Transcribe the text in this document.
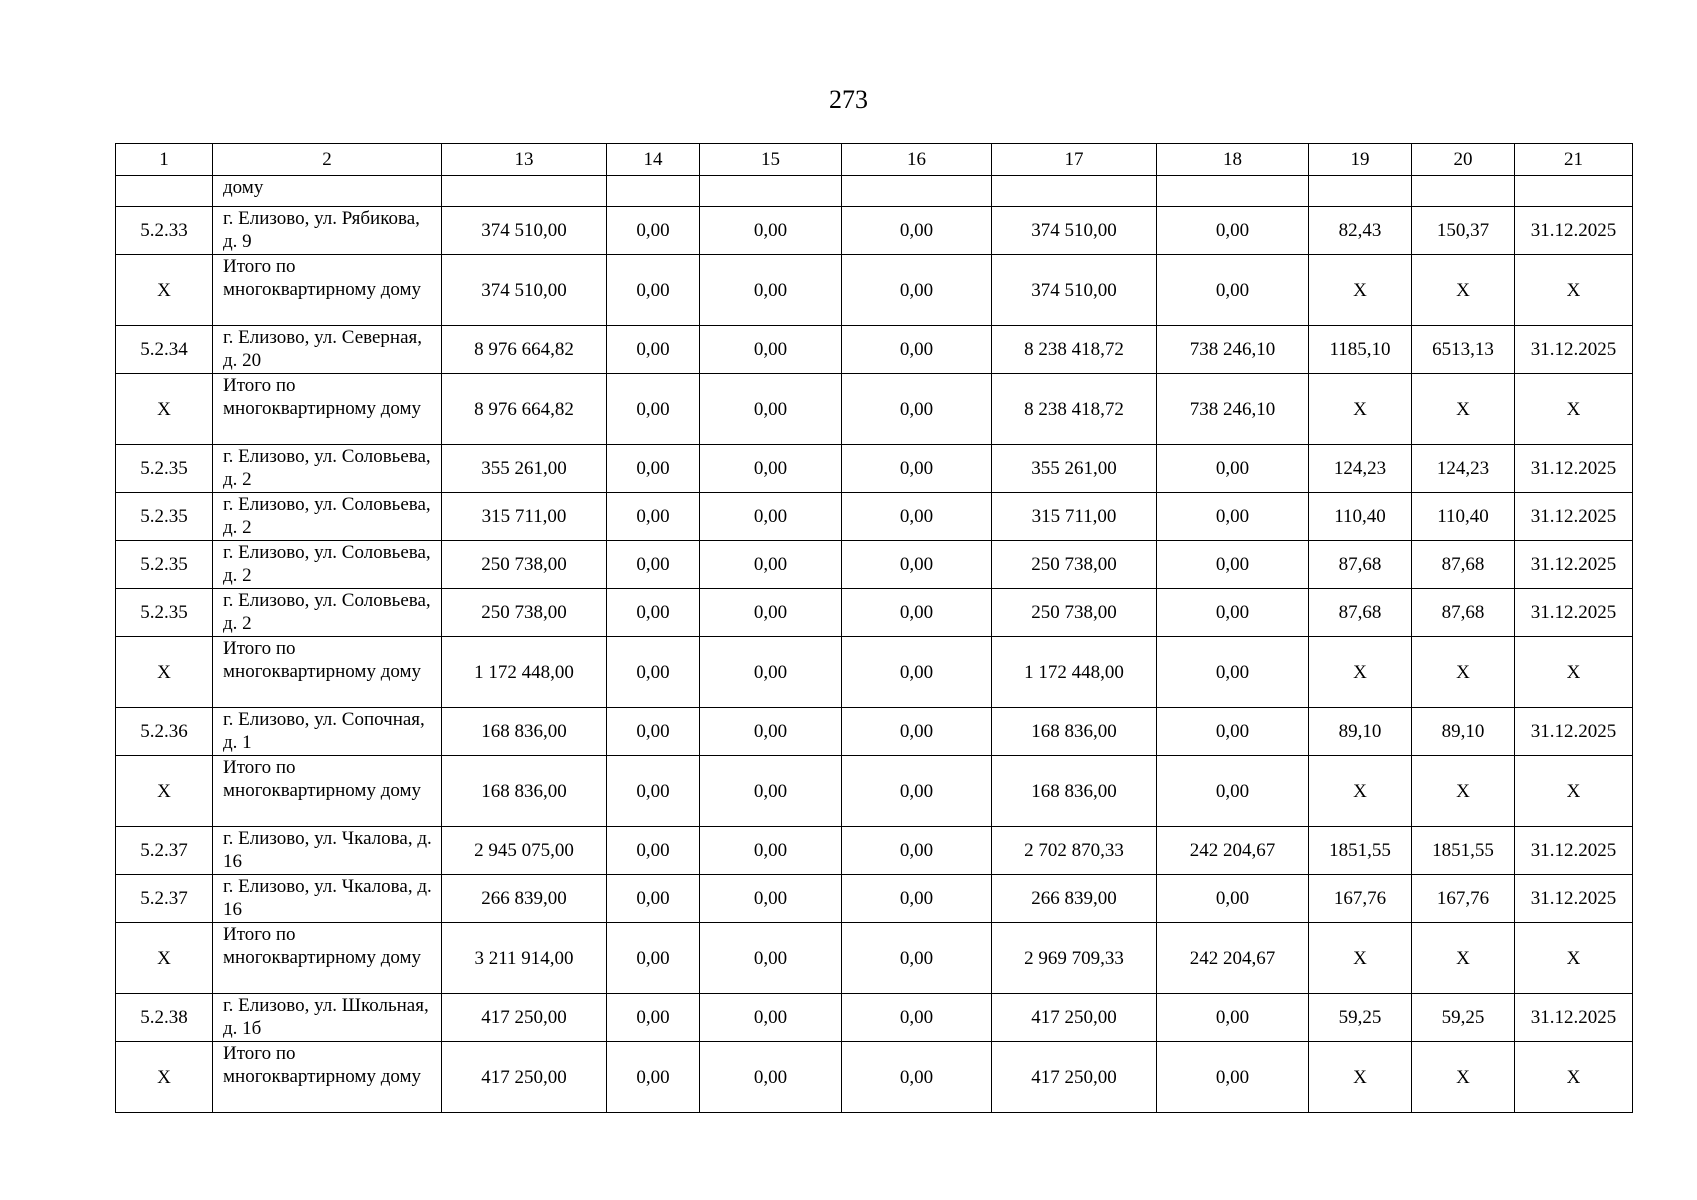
273
1	2	13	14	15	16	17	18	19	20	21
	дому									
5.2.33	г. Елизово, ул. Рябикова, д. 9	374 510,00	0,00	0,00	0,00	374 510,00	0,00	82,43	150,37	31.12.2025
X	Итого по многоквартирному дому	374 510,00	0,00	0,00	0,00	374 510,00	0,00	X	X	X
5.2.34	г. Елизово, ул. Северная, д. 20	8 976 664,82	0,00	0,00	0,00	8 238 418,72	738 246,10	1185,10	6513,13	31.12.2025
X	Итого по многоквартирному дому	8 976 664,82	0,00	0,00	0,00	8 238 418,72	738 246,10	X	X	X
5.2.35	г. Елизово, ул. Соловьева, д. 2	355 261,00	0,00	0,00	0,00	355 261,00	0,00	124,23	124,23	31.12.2025
5.2.35	г. Елизово, ул. Соловьева, д. 2	315 711,00	0,00	0,00	0,00	315 711,00	0,00	110,40	110,40	31.12.2025
5.2.35	г. Елизово, ул. Соловьева, д. 2	250 738,00	0,00	0,00	0,00	250 738,00	0,00	87,68	87,68	31.12.2025
5.2.35	г. Елизово, ул. Соловьева, д. 2	250 738,00	0,00	0,00	0,00	250 738,00	0,00	87,68	87,68	31.12.2025
X	Итого по многоквартирному дому	1 172 448,00	0,00	0,00	0,00	1 172 448,00	0,00	X	X	X
5.2.36	г. Елизово, ул. Сопочная, д. 1	168 836,00	0,00	0,00	0,00	168 836,00	0,00	89,10	89,10	31.12.2025
X	Итого по многоквартирному дому	168 836,00	0,00	0,00	0,00	168 836,00	0,00	X	X	X
5.2.37	г. Елизово, ул. Чкалова, д. 16	2 945 075,00	0,00	0,00	0,00	2 702 870,33	242 204,67	1851,55	1851,55	31.12.2025
5.2.37	г. Елизово, ул. Чкалова, д. 16	266 839,00	0,00	0,00	0,00	266 839,00	0,00	167,76	167,76	31.12.2025
X	Итого по многоквартирному дому	3 211 914,00	0,00	0,00	0,00	2 969 709,33	242 204,67	X	X	X
5.2.38	г. Елизово, ул. Школьная, д. 1б	417 250,00	0,00	0,00	0,00	417 250,00	0,00	59,25	59,25	31.12.2025
X	Итого по многоквартирному дому	417 250,00	0,00	0,00	0,00	417 250,00	0,00	X	X	X
